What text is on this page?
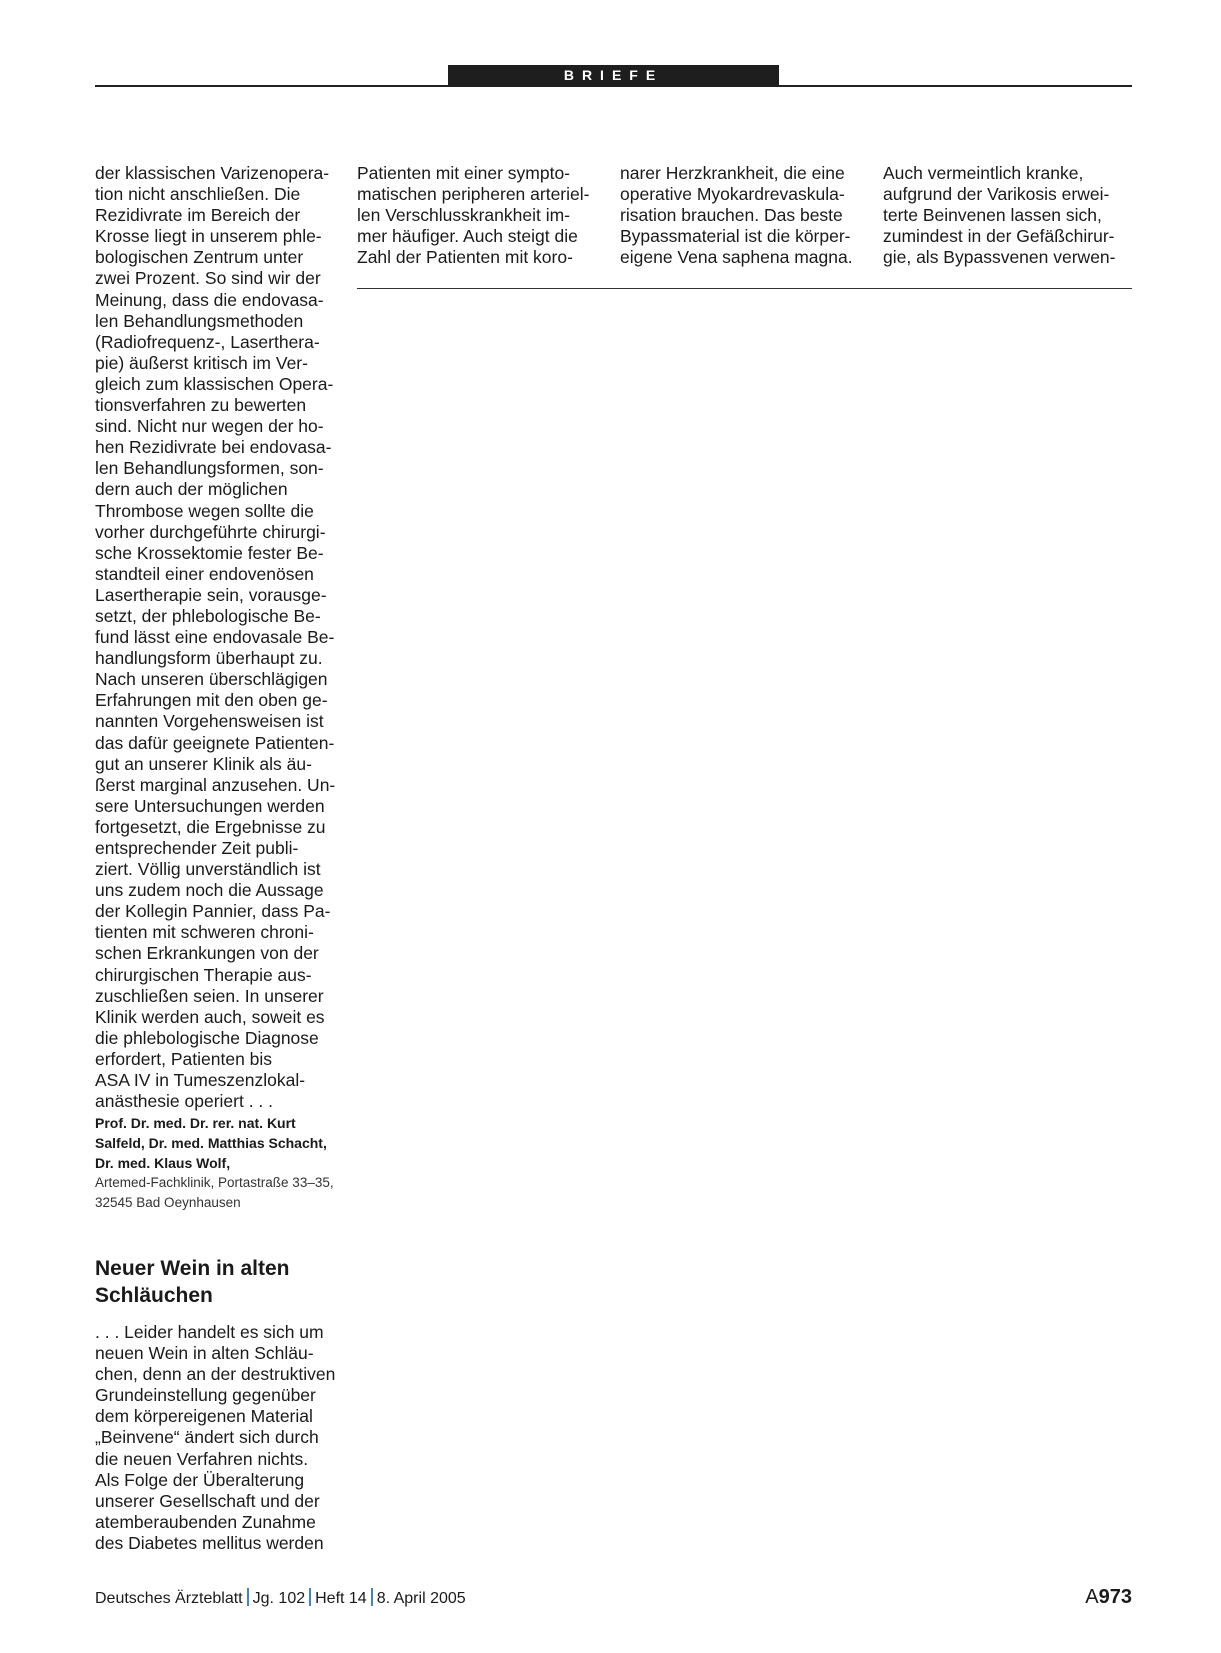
BRIEFE
der klassischen Varizenopera-
tion nicht anschließen. Die
Rezidivrate im Bereich der
Krosse liegt in unserem phle-
bologischen Zentrum unter
zwei Prozent. So sind wir der
Meinung, dass die endovasa-
len Behandlungsmethoden
(Radiofrequenz-, Laserthera-
pie) äußerst kritisch im Ver-
gleich zum klassischen Opera-
tionsverfahren zu bewerten
sind. Nicht nur wegen der ho-
hen Rezidivrate bei endovasa-
len Behandlungsformen, son-
dern auch der möglichen
Thrombose wegen sollte die
vorher durchgeführte chirurgi-
sche Krossektomie fester Be-
standteil einer endovenösen
Lasertherapie sein, vorausge-
setzt, der phlebologische Be-
fund lässt eine endovasale Be-
handlungsform überhaupt zu.
Nach unseren überschlägigen
Erfahrungen mit den oben ge-
nannten Vorgehensweisen ist
das dafür geeignete Patienten-
gut an unserer Klinik als äu-
ßerst marginal anzusehen. Un-
sere Untersuchungen werden
fortgesetzt, die Ergebnisse zu
entsprechender Zeit publi-
ziert. Völlig unverständlich ist
uns zudem noch die Aussage
der Kollegin Pannier, dass Pa-
tienten mit schweren chroni-
schen Erkrankungen von der
chirurgischen Therapie aus-
zuschließen seien. In unserer
Klinik werden auch, soweit es
die phlebologische Diagnose
erfordert, Patienten bis
ASA IV in Tumeszenzlokal-
anästhesie operiert . . .
Prof. Dr. med. Dr. rer. nat. Kurt
Salfeld, Dr. med. Matthias Schacht,
Dr. med. Klaus Wolf,
Artemed-Fachklinik, Portastraße 33–35,
32545 Bad Oeynhausen
Neuer Wein in alten
Schläuchen
. . . Leider handelt es sich um
neuen Wein in alten Schläu-
chen, denn an der destruktiven
Grundeinstellung gegenüber
dem körpereigenen Material
„Beinvene“ ändert sich durch
die neuen Verfahren nichts.
Als Folge der Überalterung
unserer Gesellschaft und der
atemberaubenden Zunahme
des Diabetes mellitus werden
Patienten mit einer sympto-
matischen peripheren arteriel-
len Verschlusskrankheit im-
mer häufiger. Auch steigt die
Zahl der Patienten mit koro-
narer Herzkrankheit, die eine
operative Myokardrevaskula-
risation brauchen. Das beste
Bypassmaterial ist die körper-
eigene Vena saphena magna.
Auch vermeintlich kranke,
aufgrund der Varikosis erwei-
terte Beinvenen lassen sich,
zumindest in der Gefäßchirur-
gie, als Bypassvenen verwen-
Deutsches Ärzteblatt Jg. 102 Heft 14 8. April 2005	A973
